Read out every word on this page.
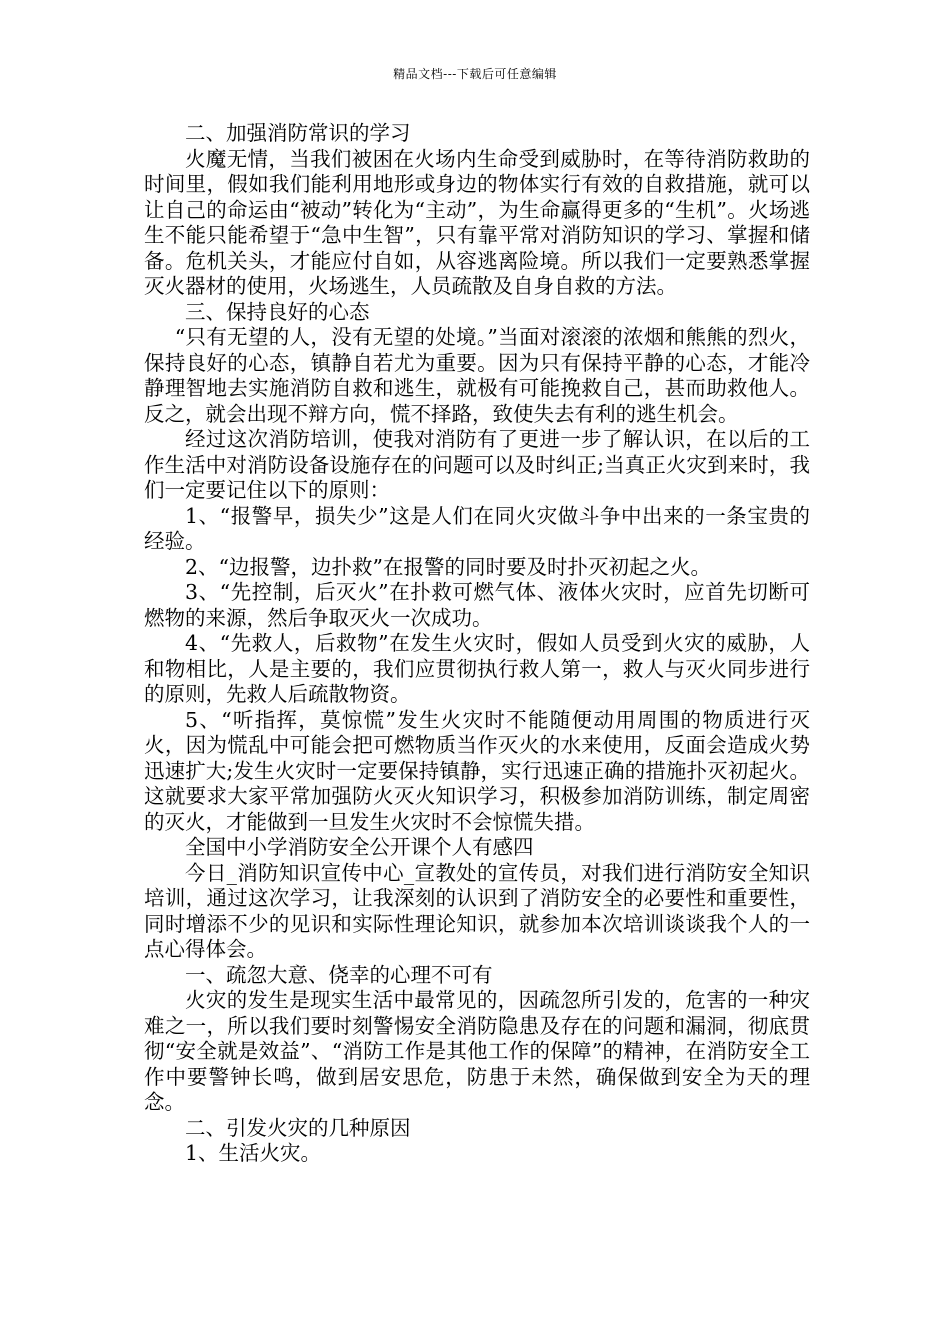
精品文档---下载后可任意编辑

二、加强消防常识的学习

火魔无情，当我们被困在火场内生命受到威胁时，在等待消防救助的时间里，假如我们能利用地形或身边的物体实行有效的自救措施，就可以让自己的命运由“被动”转化为“主动”，为生命赢得更多的“生机”。火场逃生不能只能希望于“急中生智”，只有靠平常对消防知识的学习、掌握和储备。危机关头，才能应付自如，从容逃离险境。所以我们一定要熟悉掌握灭火器材的使用，火场逃生，人员疏散及自身自救的方法。

三、保持良好的心态

“只有无望的人，没有无望的处境。”当面对滚滚的浓烟和熊熊的烈火，保持良好的心态，镇静自若尤为重要。因为只有保持平静的心态，才能冷静理智地去实施消防自救和逃生，就极有可能挽救自己，甚而助救他人。反之，就会出现不辩方向，慌不择路，致使失去有利的逃生机会。

经过这次消防培训，使我对消防有了更进一步了解认识，在以后的工作生活中对消防设备设施存在的问题可以及时纠正;当真正火灾到来时，我们一定要记住以下的原则：

1、“报警早，损失少”这是人们在同火灾做斗争中出来的一条宝贵的经验。

2、“边报警，边扑救”在报警的同时要及时扑灭初起之火。

3、“先控制，后灭火”在扑救可燃气体、液体火灾时，应首先切断可燃物的来源，然后争取灭火一次成功。

4、“先救人，后救物”在发生火灾时，假如人员受到火灾的威胁，人和物相比，人是主要的，我们应贯彻执行救人第一，救人与灭火同步进行的原则，先救人后疏散物资。

5、“听指挥，莫惊慌”发生火灾时不能随便动用周围的物质进行灭火，因为慌乱中可能会把可燃物质当作灭火的水来使用，反面会造成火势迅速扩大;发生火灾时一定要保持镇静，实行迅速正确的措施扑灭初起火。这就要求大家平常加强防火灭火知识学习，积极参加消防训练，制定周密的灭火，才能做到一旦发生火灾时不会惊慌失措。

全国中小学消防安全公开课个人有感四

今日_消防知识宣传中心_宣教处的宣传员，对我们进行消防安全知识培训，通过这次学习，让我深刻的认识到了消防安全的必要性和重要性，同时增添不少的见识和实际性理论知识，就参加本次培训谈谈我个人的一点心得体会。

一、疏忽大意、侥幸的心理不可有

火灾的发生是现实生活中最常见的，因疏忽所引发的，危害的一种灾难之一，所以我们要时刻警惕安全消防隐患及存在的问题和漏洞，彻底贯彻“安全就是效益”、“消防工作是其他工作的保障”的精神，在消防安全工作中要警钟长鸣，做到居安思危，防患于未然，确保做到安全为天的理念。

二、引发火灾的几种原因

1、生活火灾。
